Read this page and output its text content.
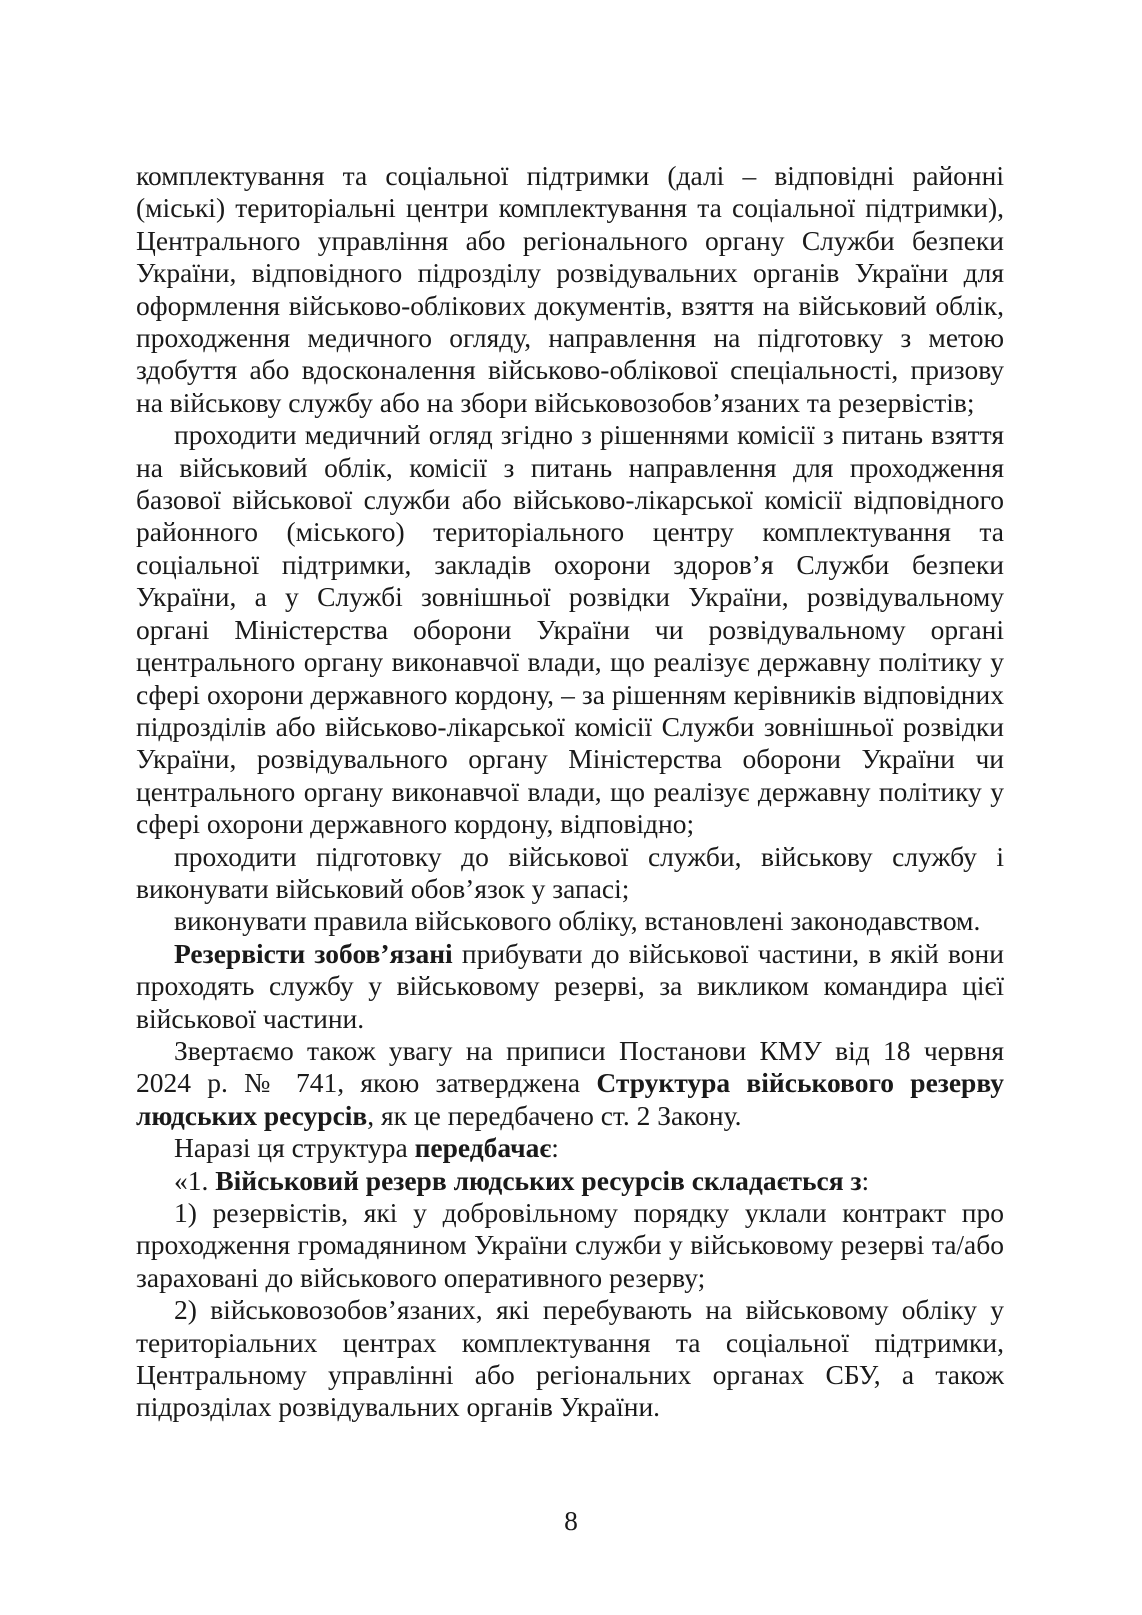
комплектування та соціальної підтримки (далі – відповідні районні (міські) територіальні центри комплектування та соціальної підтримки), Центрального управління або регіонального органу Служби безпеки України, відповідного підрозділу розвідувальних органів України для оформлення військово-облікових документів, взяття на військовий облік, проходження медичного огляду, направлення на підготовку з метою здобуття або вдосконалення військово-облікової спеціальності, призову на військову службу або на збори військовозобов’язаних та резервістів;

проходити медичний огляд згідно з рішеннями комісії з питань взяття на військовий облік, комісії з питань направлення для проходження базової військової служби або військово-лікарської комісії відповідного районного (міського) територіального центру комплектування та соціальної підтримки, закладів охорони здоров’я Служби безпеки України, а у Службі зовнішньої розвідки України, розвідувальному органі Міністерства оборони України чи розвідувальному органі центрального органу виконавчої влади, що реалізує державну політику у сфері охорони державного кордону, – за рішенням керівників відповідних підрозділів або військово-лікарської комісії Служби зовнішньої розвідки України, розвідувального органу Міністерства оборони України чи центрального органу виконавчої влади, що реалізує державну політику у сфері охорони державного кордону, відповідно;

проходити підготовку до військової служби, військову службу і виконувати військовий обов’язок у запасі;

виконувати правила військового обліку, встановлені законодавством.

Резервісти зобов’язані прибувати до військової частини, в якій вони проходять службу у військовому резерві, за викликом командира цієї військової частини.

Звертаємо також увагу на приписи Постанови КМУ від 18 червня 2024 р. № 741, якою затверджена Структура військового резерву людських ресурсів, як це передбачено ст. 2 Закону.

Наразі ця структура передбачає:

«1. Військовий резерв людських ресурсів складається з:

1) резервістів, які у добровільному порядку уклали контракт про проходження громадянином України служби у військовому резерві та/або зараховані до військового оперативного резерву;

2) військовозобов’язаних, які перебувають на військовому обліку у територіальних центрах комплектування та соціальної підтримки, Центральному управлінні або регіональних органах СБУ, а також підрозділах розвідувальних органів України.

8
